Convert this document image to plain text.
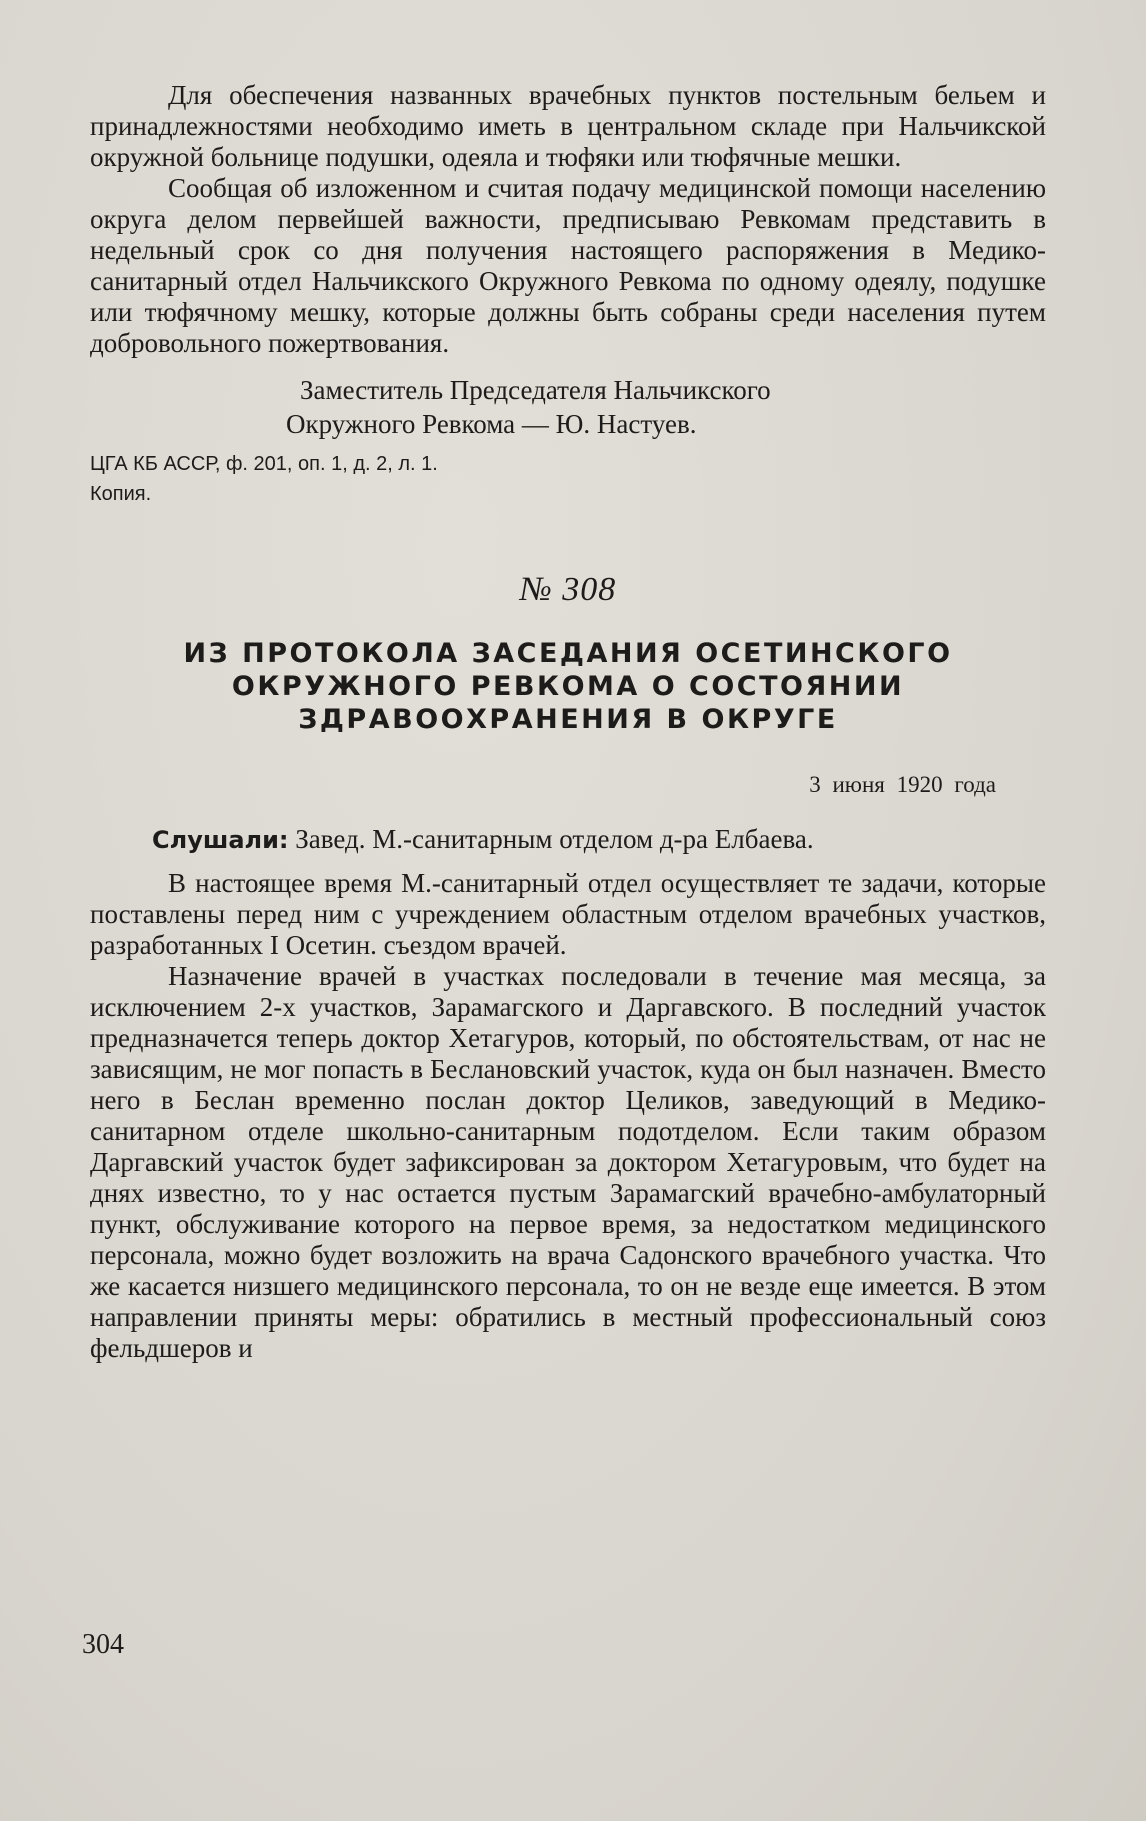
Для обеспечения названных врачебных пунктов постельным бельем и принадлежностями необходимо иметь в центральном складе при Нальчикской окружной больнице подушки, одеяла и тюфяки или тюфячные мешки.

Сообщая об изложенном и считая подачу медицинской помощи населению округа делом первейшей важности, предписываю Ревкомам представить в недельный срок со дня получения настоящего распоряжения в Медико-санитарный отдел Нальчикского Окружного Ревкома по одному одеялу, подушке или тюфячному мешку, которые должны быть собраны среди населения путем добровольного пожертвования.

Заместитель Председателя Нальчикского
Окружного Ревкома — Ю. Настуев.
ЦГА КБ АССР, ф. 201, оп. 1, д. 2, л. 1.
Копия.
№ 308
ИЗ ПРОТОКОЛА ЗАСЕДАНИЯ ОСЕТИНСКОГО
ОКРУЖНОГО РЕВКОМА О СОСТОЯНИИ
ЗДРАВООХРАНЕНИЯ В ОКРУГЕ
3 июня 1920 года

Слушали: Завед. М.-санитарным отделом д-ра Елбаева.

В настоящее время М.-санитарный отдел осуществляет те задачи, которые поставлены перед ним с учреждением областным отделом врачебных участков, разработанных I Осетин. съездом врачей.

Назначение врачей в участках последовали в течение мая месяца, за исключением 2-х участков, Зарамагского и Даргавского. В последний участок предназначется теперь доктор Хетагуров, который, по обстоятельствам, от нас не зависящим, не мог попасть в Беслановский участок, куда он был назначен. Вместо него в Беслан временно послан доктор Целиков, заведующий в Медико-санитарном отделе школьно-санитарным подотделом. Если таким образом Даргавский участок будет зафиксирован за доктором Хетагуровым, что будет на днях известно, то у нас остается пустым Зарамагский врачебно-амбулаторный пункт, обслуживание которого на первое время, за недостатком медицинского персонала, можно будет возложить на врача Садонского врачебного участка. Что же касается низшего медицинского персонала, то он не везде еще имеется. В этом направлении приняты меры: обратились в местный профессиональный союз фельдшеров и

304
